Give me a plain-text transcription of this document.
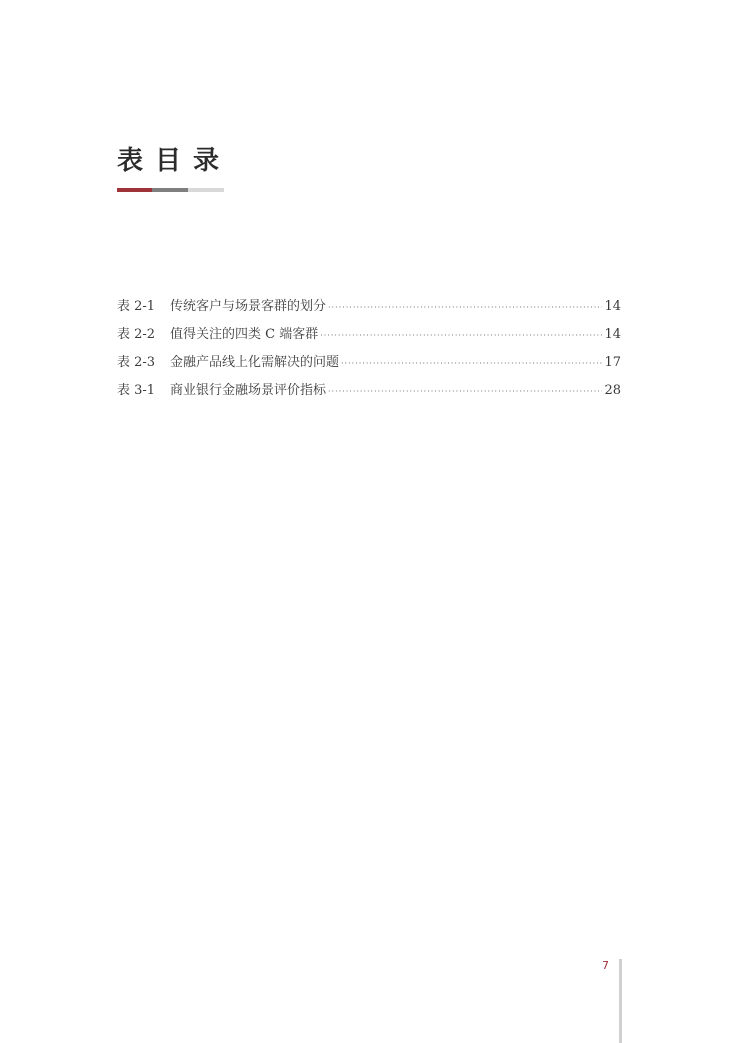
表目录
表 2-1	传统客户与场景客群的划分 ·····	14
表 2-2	值得关注的四类 C 端客群 ·····	14
表 2-3	金融产品线上化需解决的问题 ·····	17
表 3-1	商业银行金融场景评价指标 ·····	28
7
